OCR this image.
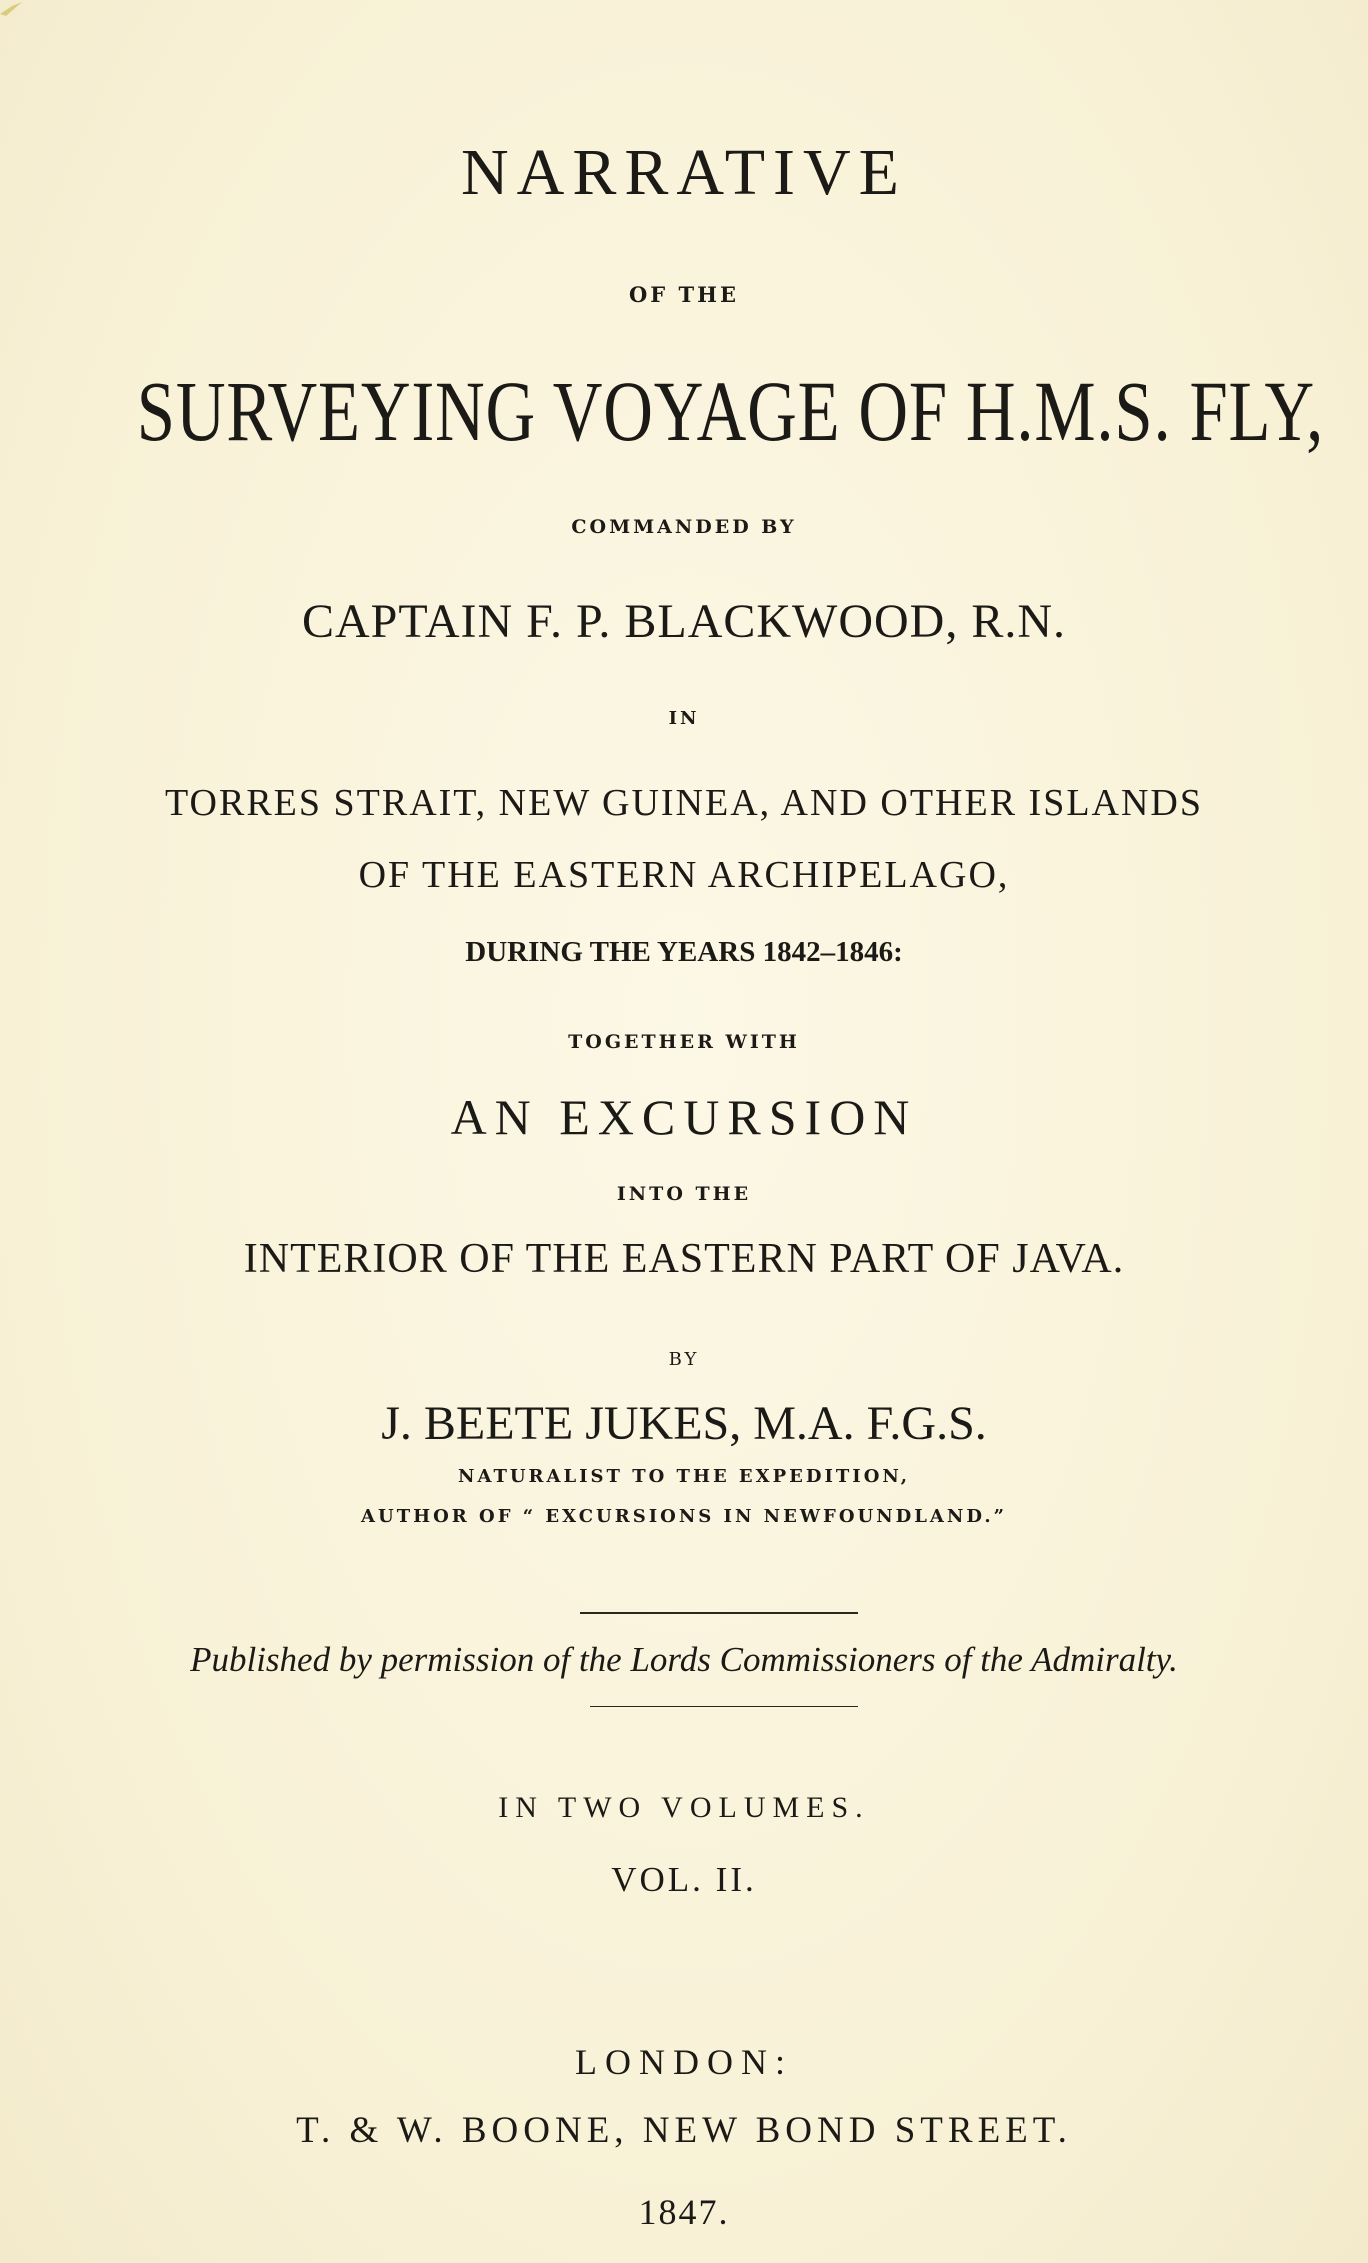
NARRATIVE
OF THE
SURVEYING VOYAGE OF H.M.S. FLY,
COMMANDED BY
CAPTAIN F. P. BLACKWOOD, R.N.
IN
TORRES STRAIT, NEW GUINEA, AND OTHER ISLANDS
OF THE EASTERN ARCHIPELAGO,
DURING THE YEARS 1842–1846:
TOGETHER WITH
AN EXCURSION
INTO THE
INTERIOR OF THE EASTERN PART OF JAVA.
BY
J. BEETE JUKES, M.A. F.G.S.
NATURALIST TO THE EXPEDITION,
AUTHOR OF “ EXCURSIONS IN NEWFOUNDLAND.”
Published by permission of the Lords Commissioners of the Admiralty.
IN TWO VOLUMES.
VOL. II.
LONDON:
T. & W. BOONE, NEW BOND STREET.
1847.
